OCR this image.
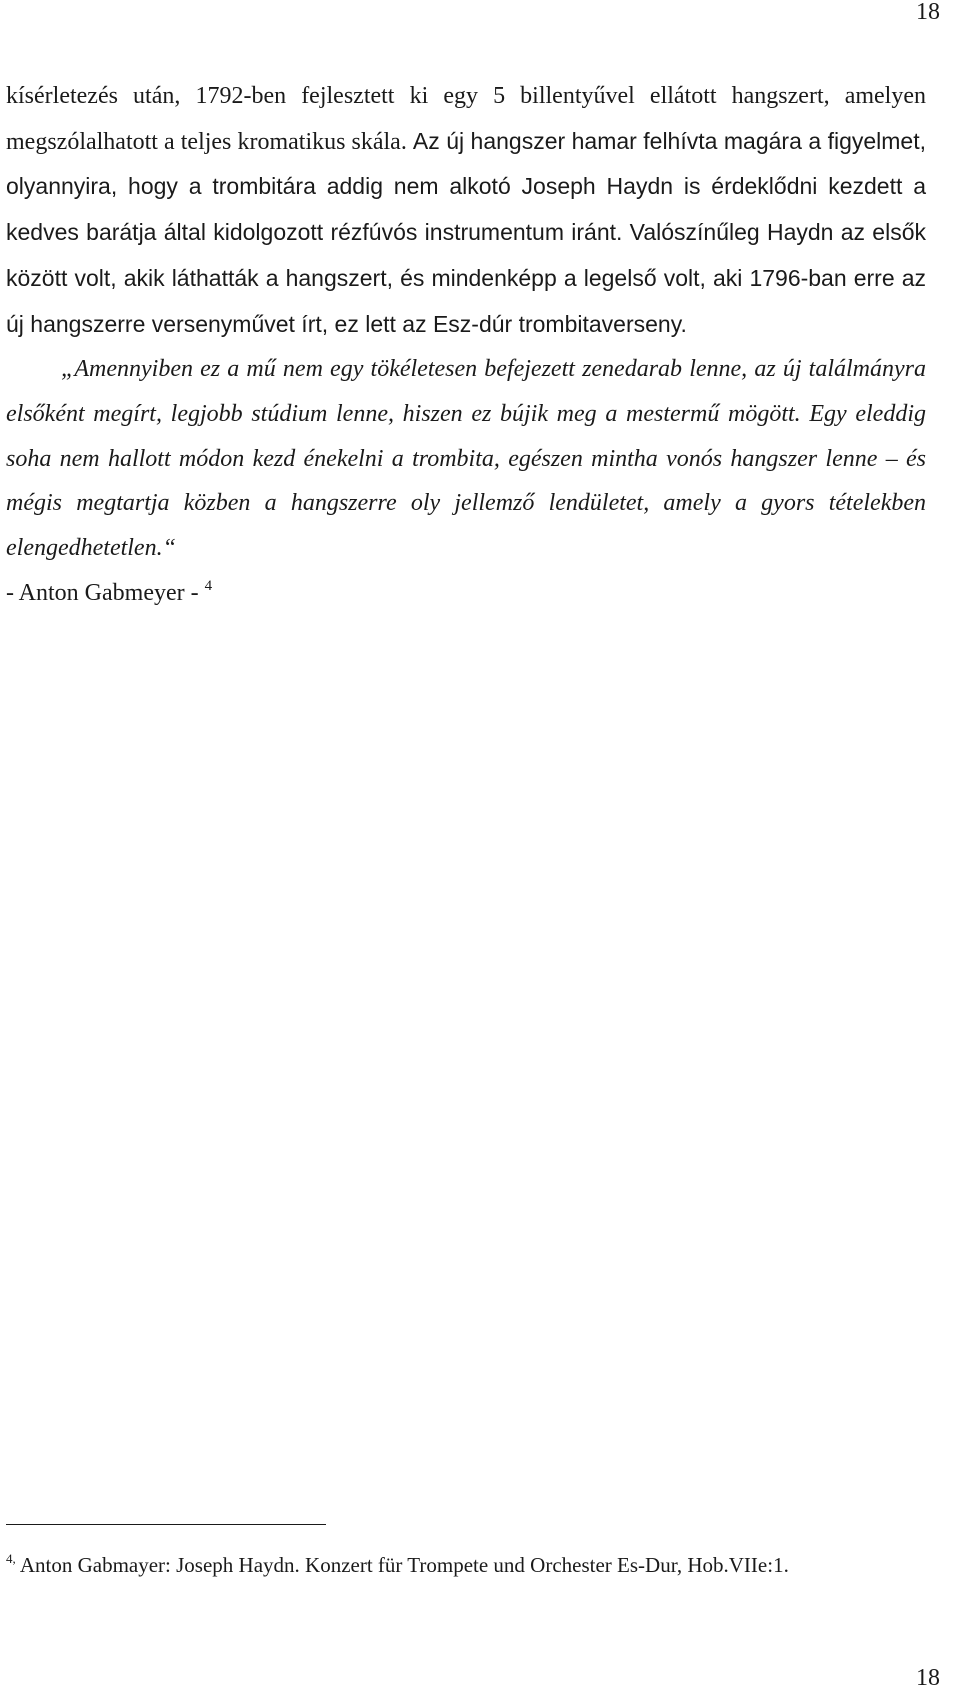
18

kísérletezés után, 1792-ben fejlesztett ki egy 5 billentyűvel ellátott hangszert, amelyen megszólalhatott a teljes kromatikus skála. Az új hangszer hamar felhívta magára a figyelmet, olyannyira, hogy a trombitára addig nem alkotó Joseph Haydn is érdeklődni kezdett a kedves barátja által kidolgozott rézfúvós instrumentum iránt. Valószínűleg Haydn az elsők között volt, akik láthatták a hangszert, és mindenképp a legelső volt, aki 1796-ban erre az új hangszerre versenyművet írt, ez lett az Esz-dúr trombitaverseny.

„Amennyiben ez a mű nem egy tökéletesen befejezett zenedarab lenne, az új találmányra elsőként megírt, legjobb stúdium lenne, hiszen ez bújik meg a mestermű mögött. Egy eleddig soha nem hallott módon kezd énekelni a trombita, egészen mintha vonós hangszer lenne – és mégis megtartja közben a hangszerre oly jellemző lendületet, amely a gyors tételekben elengedhetetlen.“

- Anton Gabmeyer - $^4$

$^{4,}$ Anton Gabmayer: Joseph Haydn. Konzert für Trompete und Orchester Es-Dur, Hob.VIIe:1.

18
